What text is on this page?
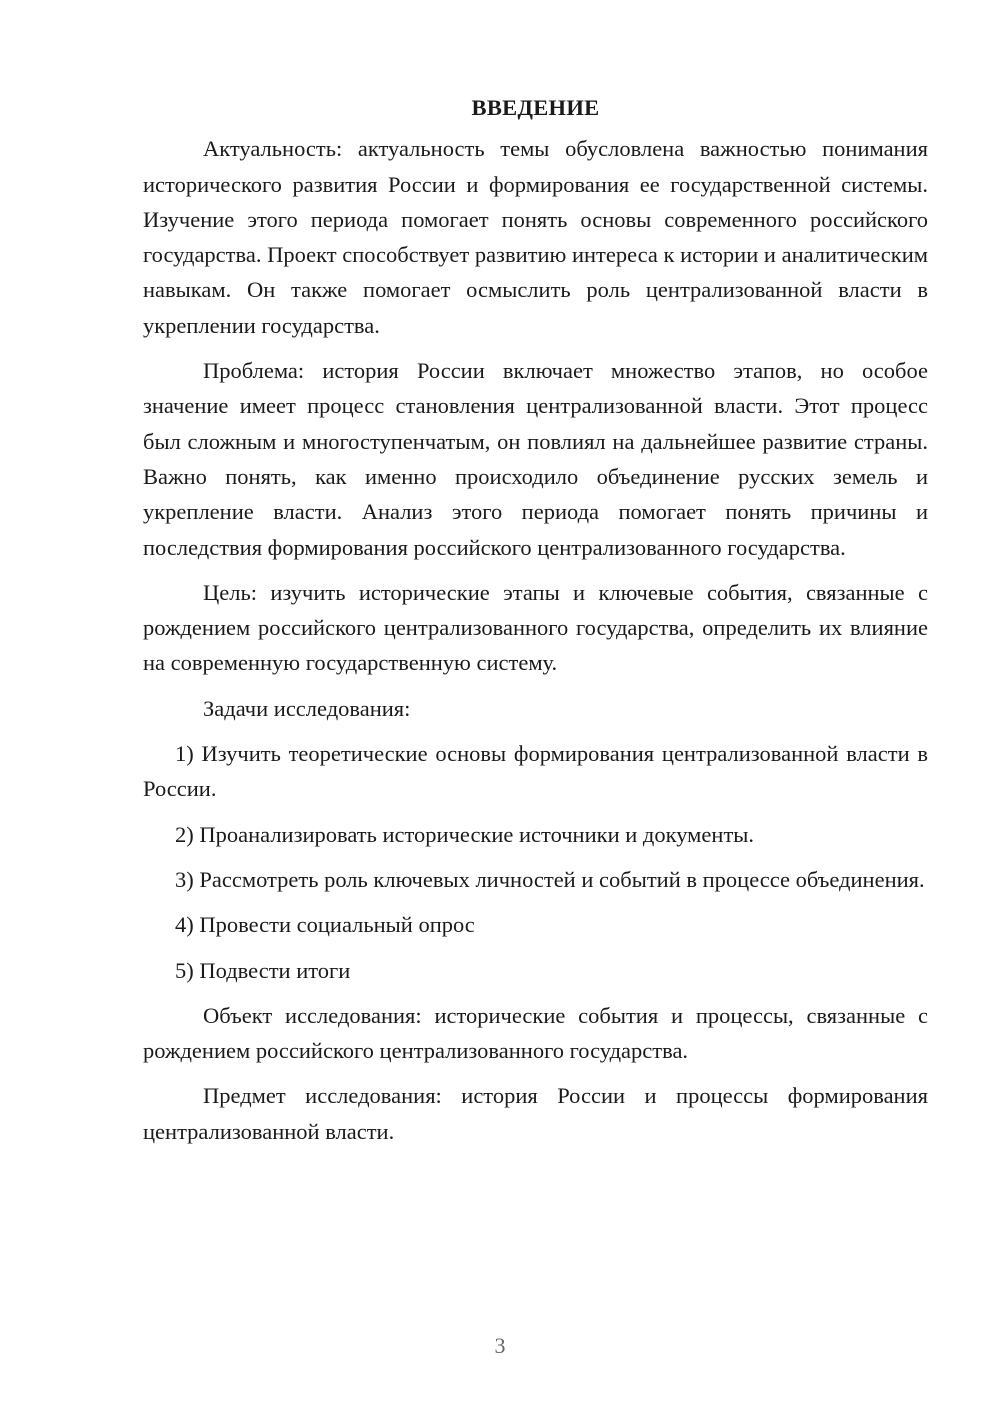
ВВЕДЕНИЕ

Актуальность: актуальность темы обусловлена важностью понимания исторического развития России и формирования ее государственной системы. Изучение этого периода помогает понять основы современного российского государства. Проект способствует развитию интереса к истории и аналитическим навыкам. Он также помогает осмыслить роль централизованной власти в укреплении государства.

Проблема: история России включает множество этапов, но особое значение имеет процесс становления централизованной власти. Этот процесс был сложным и многоступенчатым, он повлиял на дальнейшее развитие страны. Важно понять, как именно происходило объединение русских земель и укрепление власти. Анализ этого периода помогает понять причины и последствия формирования российского централизованного государства.

Цель: изучить исторические этапы и ключевые события, связанные с рождением российского централизованного государства, определить их влияние на современную государственную систему.

Задачи исследования:

1) Изучить теоретические основы формирования централизованной власти в России.

2) Проанализировать исторические источники и документы.

3) Рассмотреть роль ключевых личностей и событий в процессе объединения.

4) Провести социальный опрос

5) Подвести итоги

Объект исследования: исторические события и процессы, связанные с рождением российского централизованного государства.

Предмет исследования: история России и процессы формирования централизованной власти.

3
